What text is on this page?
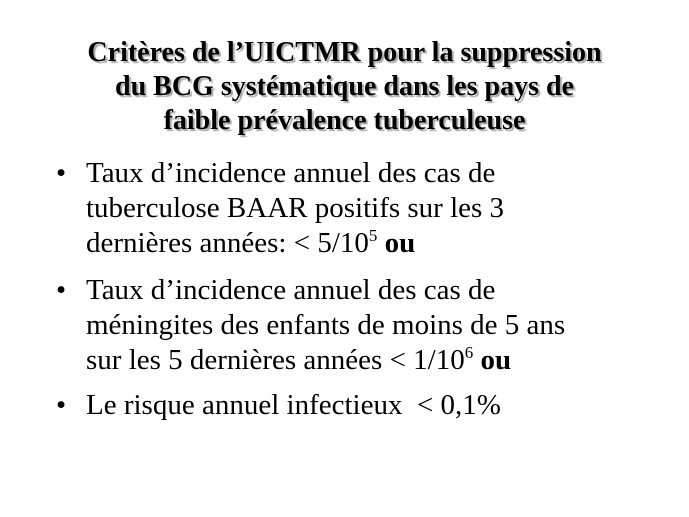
Critères de l’UICTMR pour la suppression
du BCG systématique dans les pays de
faible prévalence tuberculeuse
• Taux d’incidence annuel des cas de
tuberculose BAAR positifs sur les 3
dernières années: < $5/10^5$ ou
• Taux d’incidence annuel des cas de
méningites des enfants de moins de 5 ans
sur les 5 dernières années < $1/10^6$ ou
• Le risque annuel infectieux  < 0,1%
